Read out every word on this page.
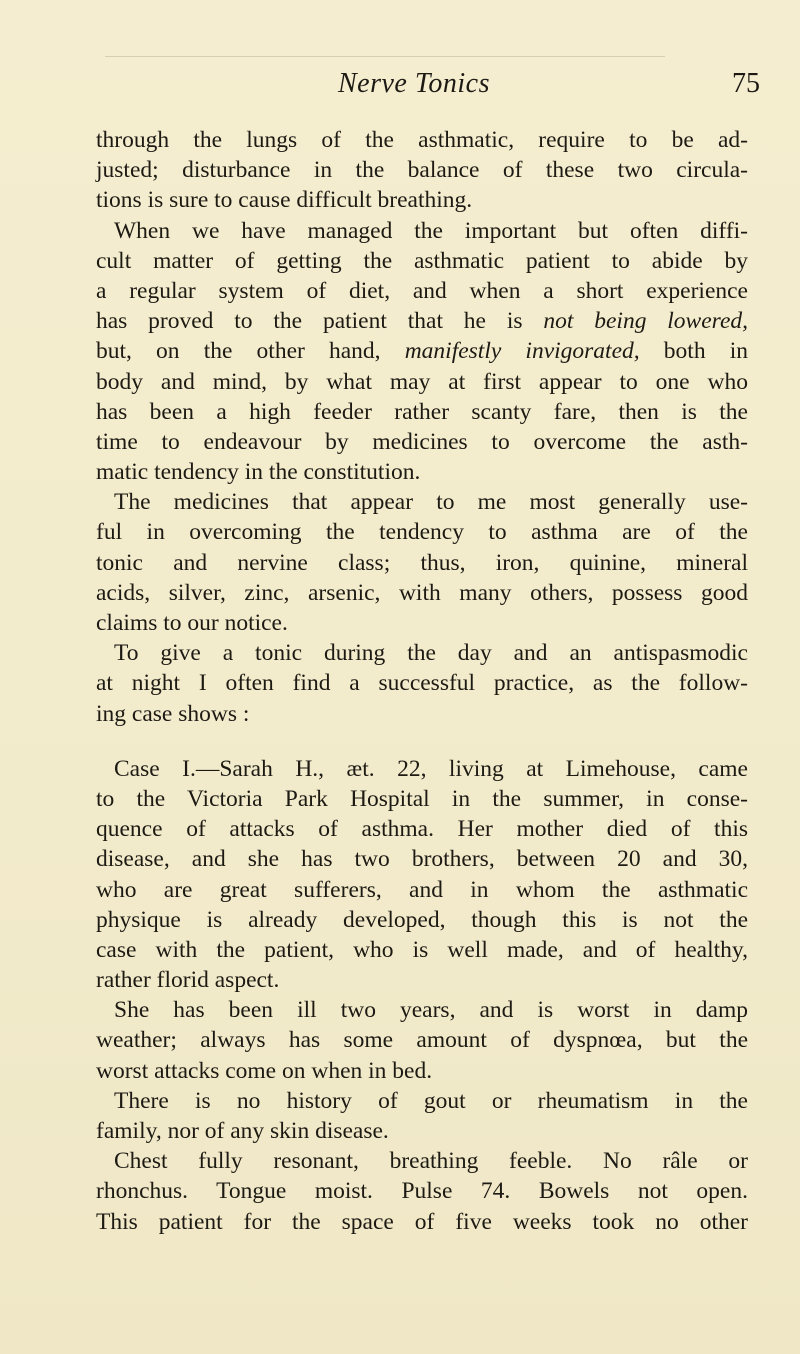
Nerve Tonics	75
through the lungs of the asthmatic, require to be ad-
justed; disturbance in the balance of these two circula-
tions is sure to cause difficult breathing.
When we have managed the important but often diffi-
cult matter of getting the asthmatic patient to abide by
a regular system of diet, and when a short experience
has proved to the patient that he is not being lowered,
but, on the other hand, manifestly invigorated, both in
body and mind, by what may at first appear to one who
has been a high feeder rather scanty fare, then is the
time to endeavour by medicines to overcome the asth-
matic tendency in the constitution.
The medicines that appear to me most generally use-
ful in overcoming the tendency to asthma are of the
tonic and nervine class; thus, iron, quinine, mineral
acids, silver, zinc, arsenic, with many others, possess good
claims to our notice.
To give a tonic during the day and an antispasmodic
at night I often find a successful practice, as the follow-
ing case shows :
Case I.—Sarah H., æt. 22, living at Limehouse, came
to the Victoria Park Hospital in the summer, in conse-
quence of attacks of asthma. Her mother died of this
disease, and she has two brothers, between 20 and 30,
who are great sufferers, and in whom the asthmatic
physique is already developed, though this is not the
case with the patient, who is well made, and of healthy,
rather florid aspect.
She has been ill two years, and is worst in damp
weather; always has some amount of dyspnœa, but the
worst attacks come on when in bed.
There is no history of gout or rheumatism in the
family, nor of any skin disease.
Chest fully resonant, breathing feeble. No râle or
rhonchus. Tongue moist. Pulse 74. Bowels not open.
This patient for the space of five weeks took no other
